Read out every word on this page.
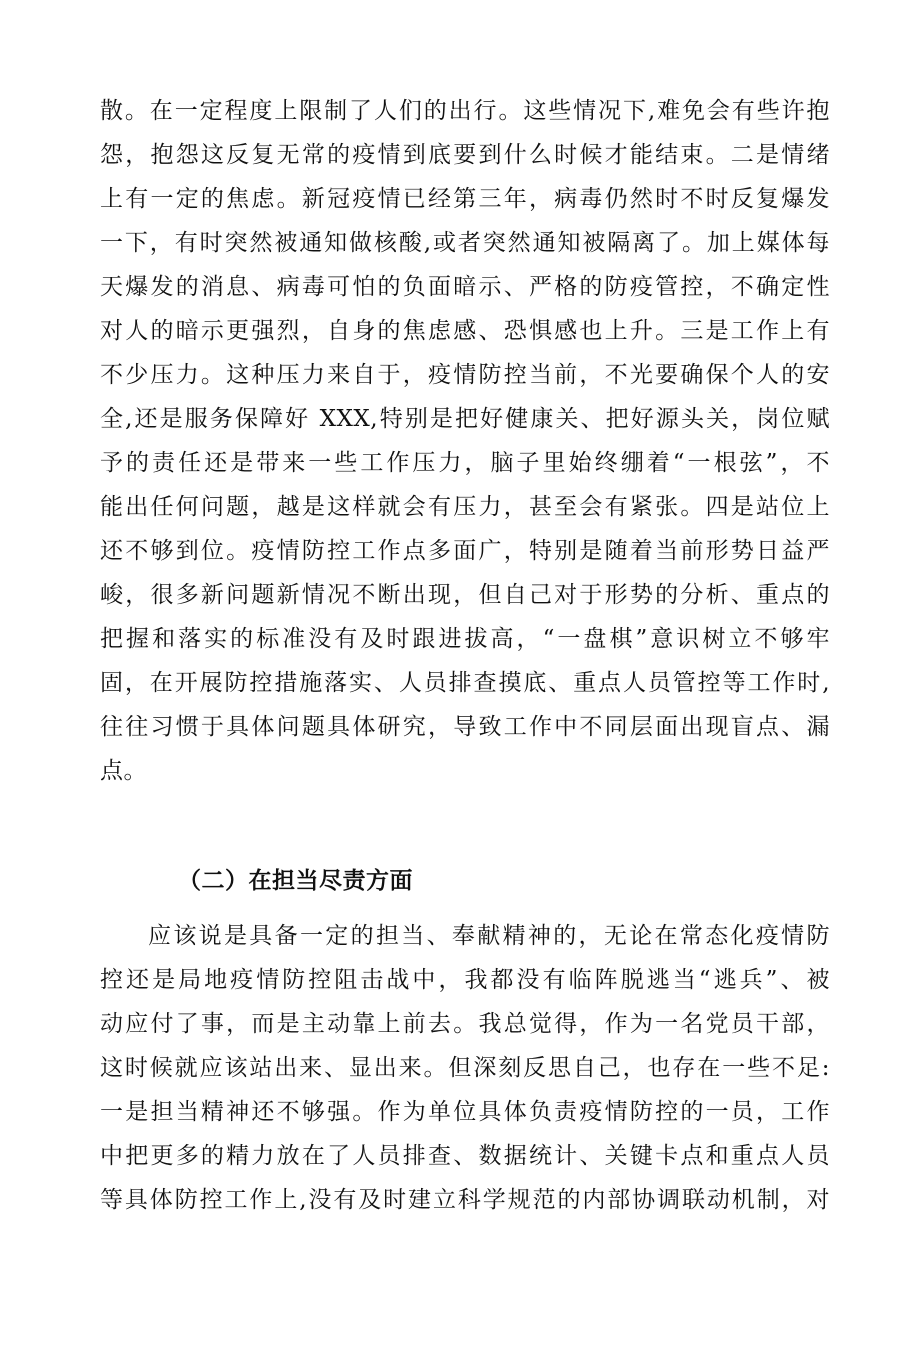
散。在一定程度上限制了人们的出行。这些情况下,难免会有些许抱
怨，抱怨这反复无常的疫情到底要到什么时候才能结束。二是情绪
上有一定的焦虑。新冠疫情已经第三年，病毒仍然时不时反复爆发
一下，有时突然被通知做核酸,或者突然通知被隔离了。加上媒体每
天爆发的消息、病毒可怕的负面暗示、严格的防疫管控，不确定性
对人的暗示更强烈，自身的焦虑感、恐惧感也上升。三是工作上有
不少压力。这种压力来自于，疫情防控当前，不光要确保个人的安
全,还是服务保障好 XXX,特别是把好健康关、把好源头关，岗位赋
予的责任还是带来一些工作压力，脑子里始终绷着“一根弦”，不
能出任何问题，越是这样就会有压力，甚至会有紧张。四是站位上
还不够到位。疫情防控工作点多面广，特别是随着当前形势日益严
峻，很多新问题新情况不断出现，但自己对于形势的分析、重点的
把握和落实的标准没有及时跟进拔高，“一盘棋”意识树立不够牢
固，在开展防控措施落实、人员排查摸底、重点人员管控等工作时,
往往习惯于具体问题具体研究，导致工作中不同层面出现盲点、漏
点。
（二）在担当尽责方面
应该说是具备一定的担当、奉献精神的，无论在常态化疫情防
控还是局地疫情防控阻击战中，我都没有临阵脱逃当“逃兵”、被
动应付了事，而是主动靠上前去。我总觉得，作为一名党员干部，
这时候就应该站出来、显出来。但深刻反思自己，也存在一些不足:
一是担当精神还不够强。作为单位具体负责疫情防控的一员，工作
中把更多的精力放在了人员排查、数据统计、关键卡点和重点人员
等具体防控工作上,没有及时建立科学规范的内部协调联动机制，对
